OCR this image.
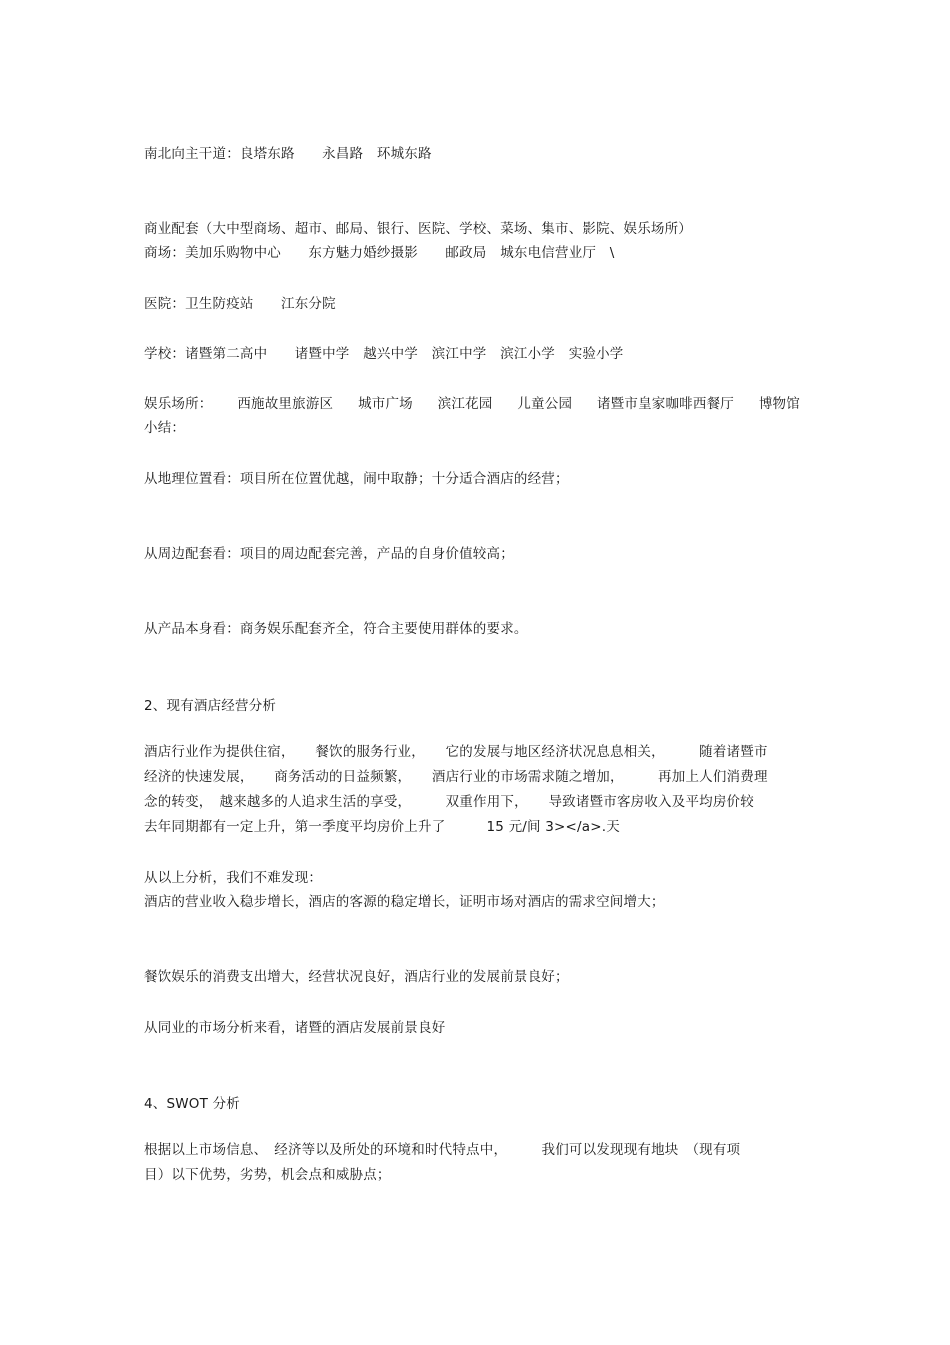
南北向主干道：良塔东路　　永昌路　环城东路
商业配套（大中型商场、超市、邮局、银行、医院、学校、菜场、集市、影院、娱乐场所）
商场：美加乐购物中心　　东方魅力婚纱摄影　　邮政局　城东电信营业厅　\
医院：卫生防疫站　　江东分院
学校：诸暨第二高中　　诸暨中学　越兴中学　滨江中学　滨江小学　实验小学
娱乐场所： 西施故里旅游区 城市广场 滨江花园 儿童公园 诸暨市皇家咖啡西餐厅 博物馆
小结：
从地理位置看：项目所在位置优越，闹中取静；十分适合酒店的经营；
从周边配套看：项目的周边配套完善，产品的自身价值较高；
从产品本身看：商务娱乐配套齐全，符合主要使用群体的要求。
2、现有酒店经营分析
酒店行业作为提供住宿，　　餐饮的服务行业，　　它的发展与地区经济状况息息相关，　　　随着诸暨市
经济的快速发展，　　商务活动的日益频繁，　　酒店行业的市场需求随之增加，　　　再加上人们消费理
念的转变，　越来越多的人追求生活的享受，　　　双重作用下，　　导致诸暨市客房收入及平均房价较
去年同期都有一定上升，第一季度平均房价上升了　　　15 元/间 3></a>.天
从以上分析，我们不难发现：
酒店的营业收入稳步增长，酒店的客源的稳定增长，证明市场对酒店的需求空间增大；
餐饮娱乐的消费支出增大，经营状况良好，酒店行业的发展前景良好；
从同业的市场分析来看，诸暨的酒店发展前景良好
4、SWOT 分析
根据以上市场信息、　经济等以及所处的环境和时代特点中，　　　我们可以发现现有地块　（现有项
目）以下优势，劣势，机会点和威胁点；
